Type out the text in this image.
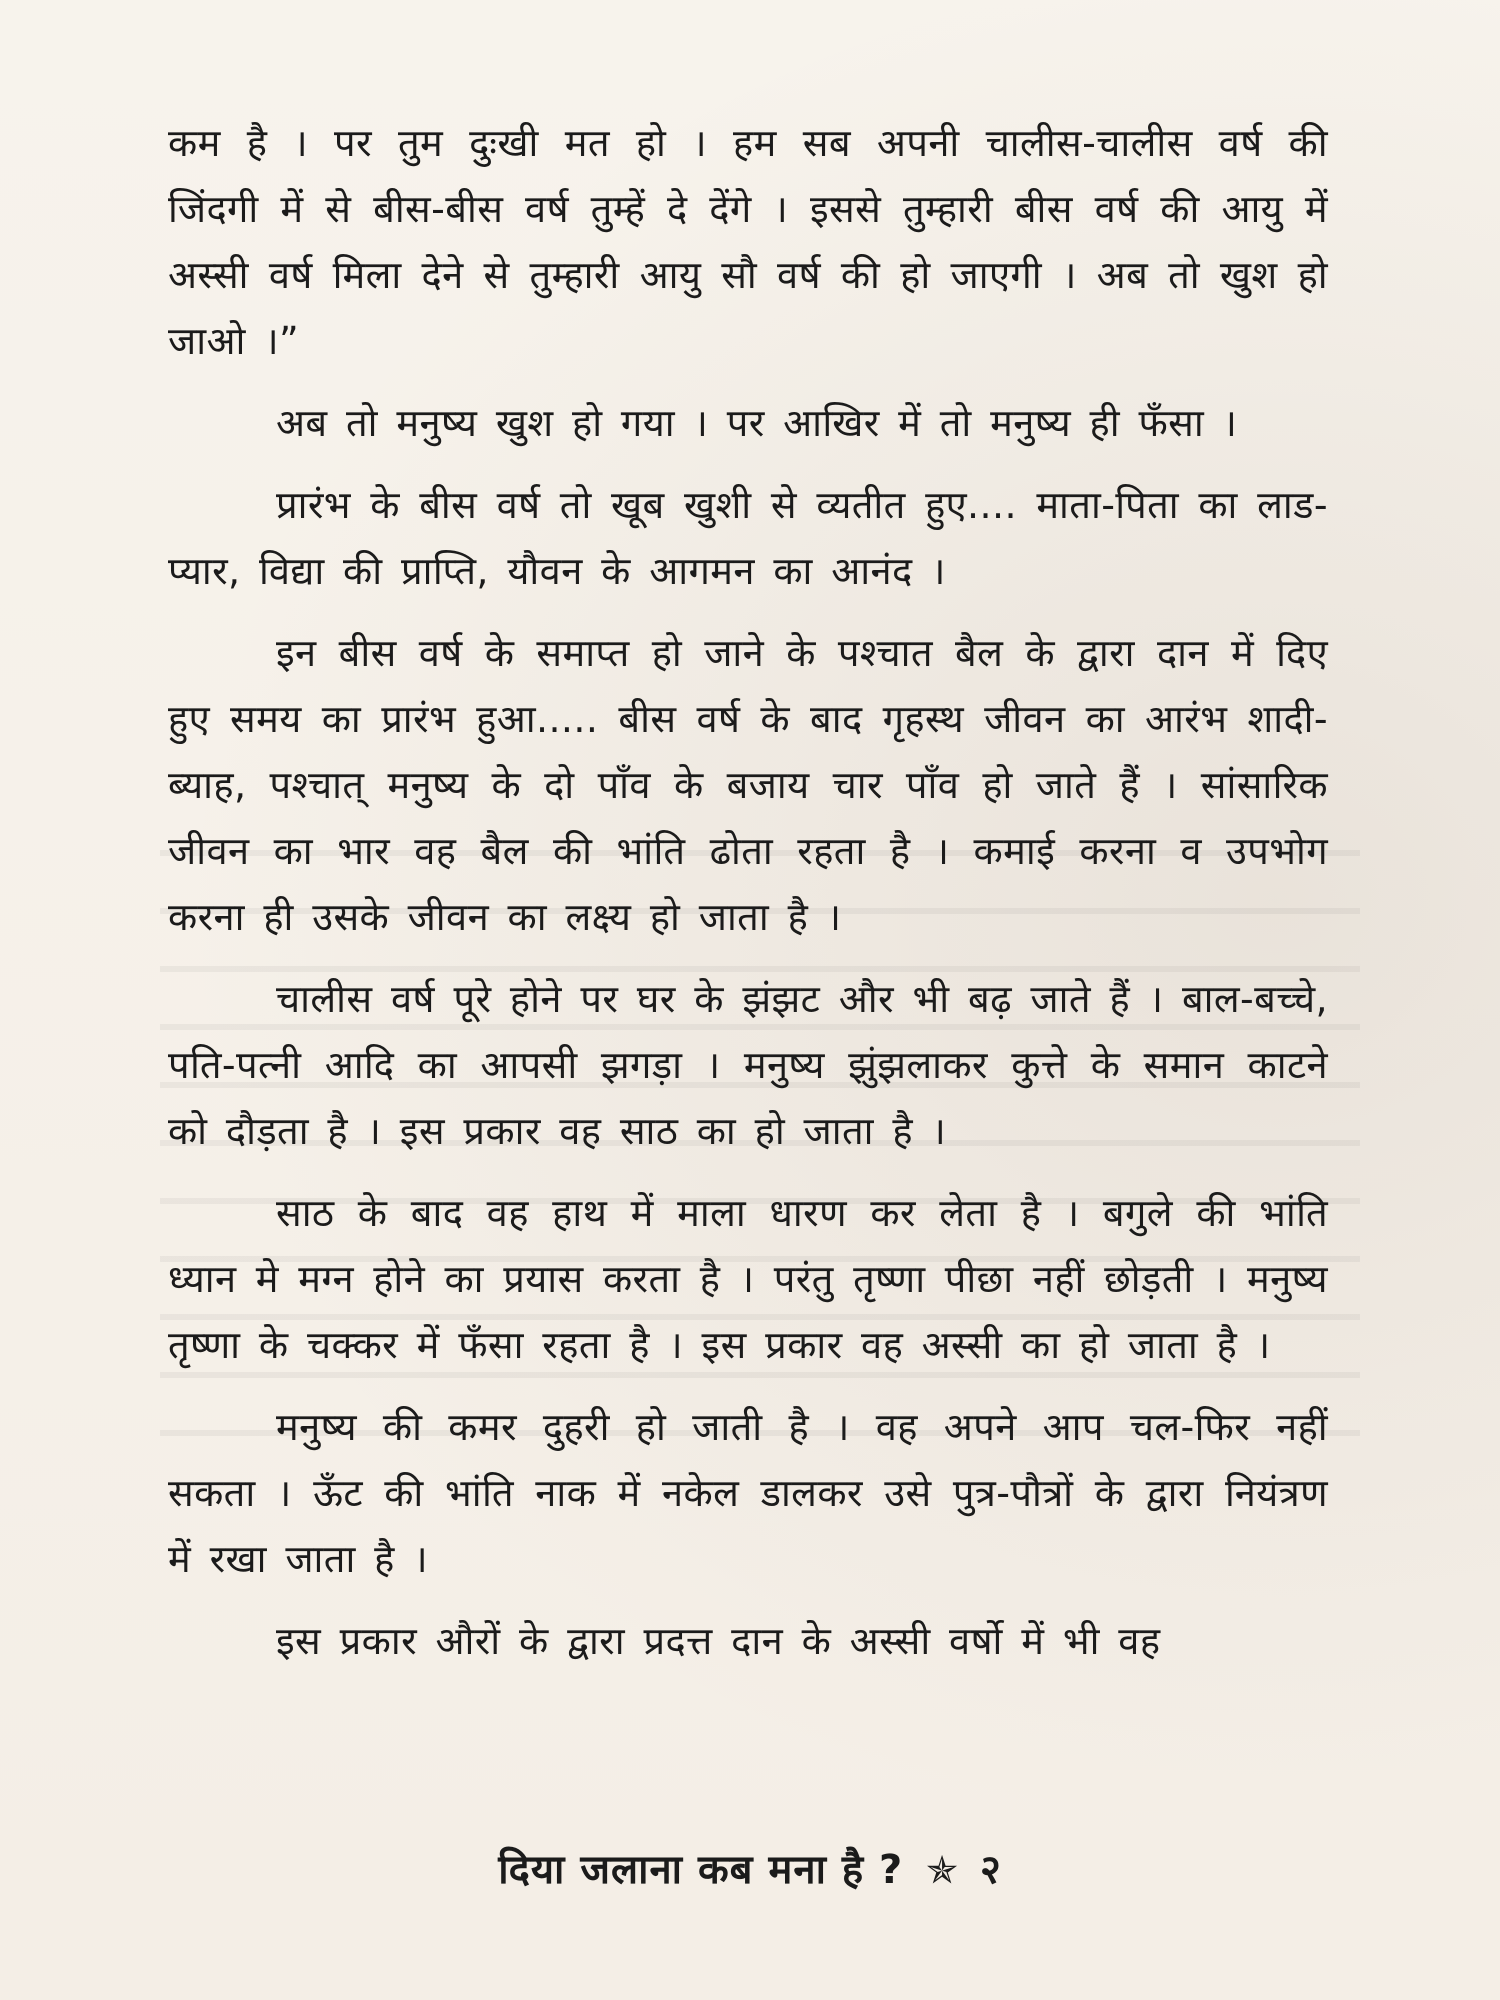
कम है । पर तुम दुःखी मत हो । हम सब अपनी चालीस-चालीस वर्ष की जिंदगी में से बीस-बीस वर्ष तुम्हें दे देंगे । इससे तुम्हारी बीस वर्ष की आयु में अस्सी वर्ष मिला देने से तुम्हारी आयु सौ वर्ष की हो जाएगी । अब तो खुश हो जाओ ।”

अब तो मनुष्य खुश हो गया । पर आखिर में तो मनुष्य ही फँसा ।

प्रारंभ के बीस वर्ष तो खूब खुशी से व्यतीत हुए.... माता-पिता का लाड-प्यार, विद्या की प्राप्ति, यौवन के आगमन का आनंद ।

इन बीस वर्ष के समाप्त हो जाने के पश्चात बैल के द्वारा दान में दिए हुए समय का प्रारंभ हुआ..... बीस वर्ष के बाद गृहस्थ जीवन का आरंभ शादी-ब्याह, पश्चात् मनुष्य के दो पाँव के बजाय चार पाँव हो जाते हैं । सांसारिक जीवन का भार वह बैल की भांति ढोता रहता है । कमाई करना व उपभोग करना ही उसके जीवन का लक्ष्य हो जाता है ।

चालीस वर्ष पूरे होने पर घर के झंझट और भी बढ़ जाते हैं । बाल-बच्चे, पति-पत्नी आदि का आपसी झगड़ा । मनुष्य झुंझलाकर कुत्ते के समान काटने को दौड़ता है । इस प्रकार वह साठ का हो जाता है ।

साठ के बाद वह हाथ में माला धारण कर लेता है । बगुले की भांति ध्यान मे मग्न होने का प्रयास करता है । परंतु तृष्णा पीछा नहीं छोड़ती । मनुष्य तृष्णा के चक्कर में फँसा रहता है । इस प्रकार वह अस्सी का हो जाता है ।

मनुष्य की कमर दुहरी हो जाती है । वह अपने आप चल-फिर नहीं सकता । ऊँट की भांति नाक में नकेल डालकर उसे पुत्र-पौत्रों के द्वारा नियंत्रण में रखा जाता है ।

इस प्रकार औरों के द्वारा प्रदत्त दान के अस्सी वर्षो में भी वह

दिया जलाना कब मना है ? ✯ २
